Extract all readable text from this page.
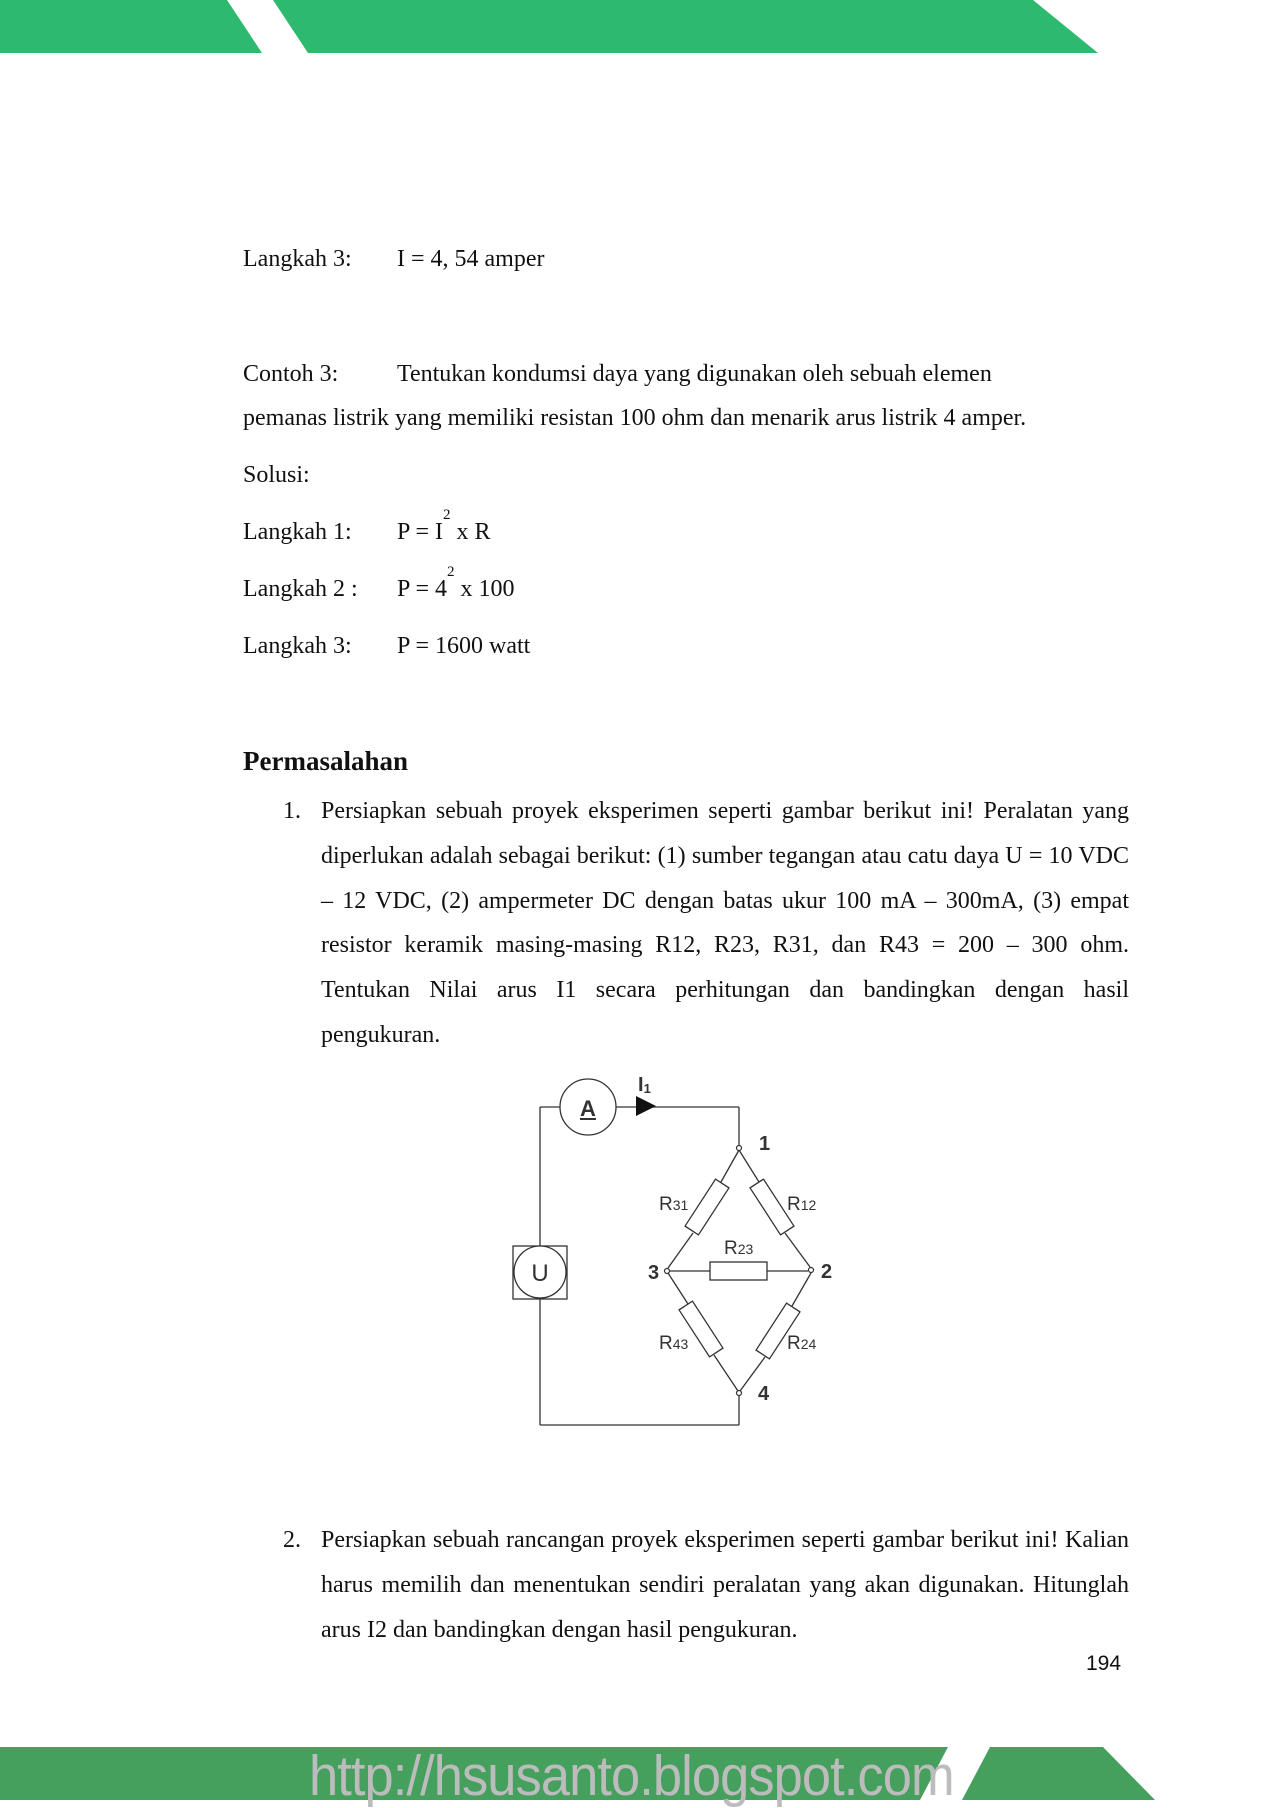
Langkah 3: I = 4, 54 amper
Contoh 3: Tentukan kondumsi daya yang digunakan oleh sebuah elemen
pemanas listrik yang memiliki resistan 100 ohm dan menarik arus listrik 4 amper.
Solusi:
Langkah 1: $P = I^2$ x R
Langkah 2 : $P = 4^2$ x 100
Langkah 3: P = 1600 watt
Permasalahan
1. Persiapkan sebuah proyek eksperimen seperti gambar berikut ini! Peralatan yang diperlukan adalah sebagai berikut: (1) sumber tegangan atau catu daya U = 10 VDC – 12 VDC, (2) ampermeter DC dengan batas ukur 100 mA – 300mA, (3) empat resistor keramik masing-masing R12, R23, R31, dan R43 = 200 – 300 ohm. Tentukan Nilai arus I1 secara perhitungan dan bandingkan dengan hasil pengukuran.
A
I1
U
1
2
3
4
R31	R12
R23
R43	R24
2. Persiapkan sebuah rancangan proyek eksperimen seperti gambar berikut ini! Kalian harus memilih dan menentukan sendiri peralatan yang akan digunakan. Hitunglah arus I2 dan bandingkan dengan hasil pengukuran.
194
http://hsusanto.blogspot.com
